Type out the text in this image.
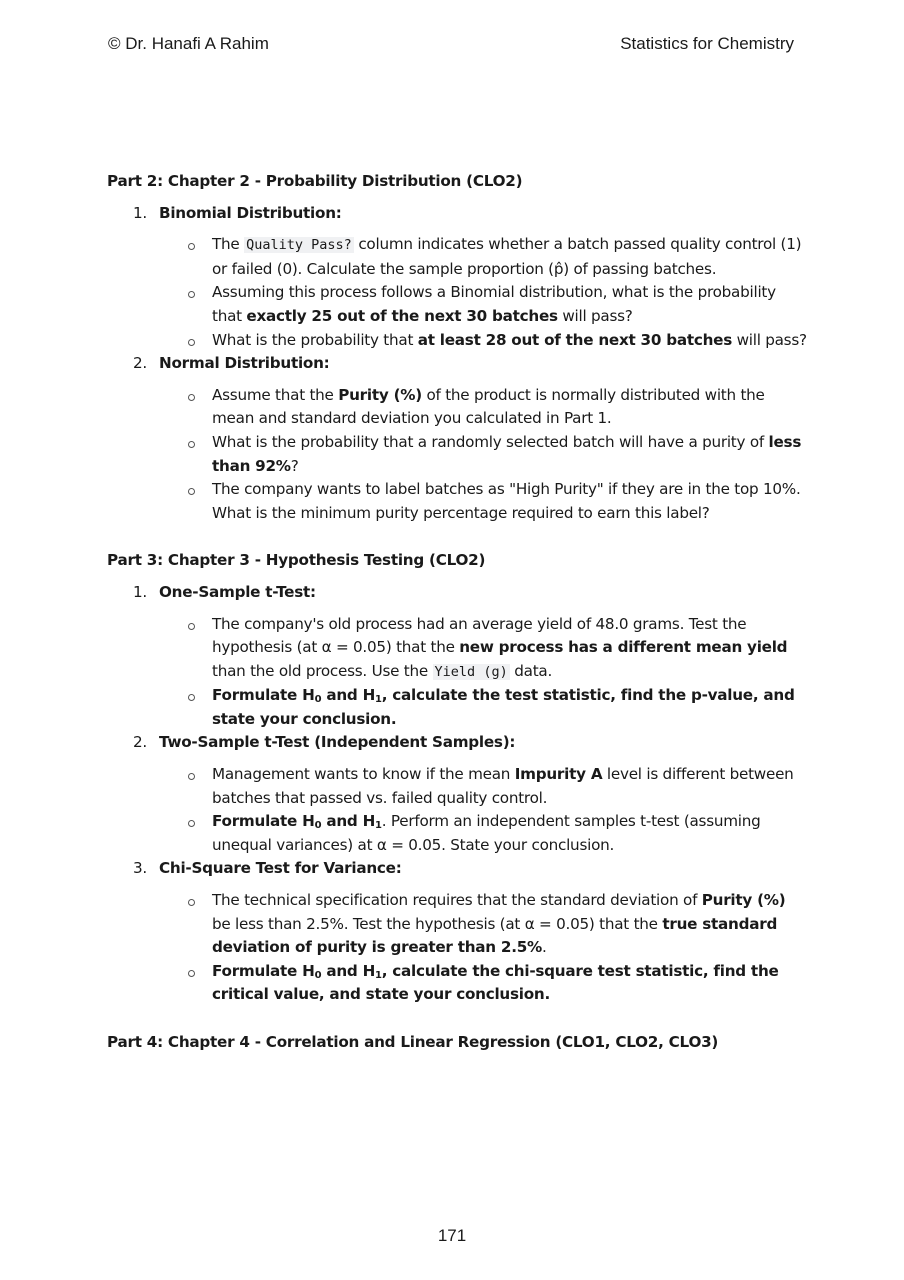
© Dr. Hanafi A Rahim	Statistics for Chemistry
Part 2: Chapter 2 - Probability Distribution (CLO2)
1. Binomial Distribution:
The Quality Pass? column indicates whether a batch passed quality control (1) or failed (0). Calculate the sample proportion (p̂) of passing batches.
Assuming this process follows a Binomial distribution, what is the probability that exactly 25 out of the next 30 batches will pass?
What is the probability that at least 28 out of the next 30 batches will pass?
2. Normal Distribution:
Assume that the Purity (%) of the product is normally distributed with the mean and standard deviation you calculated in Part 1.
What is the probability that a randomly selected batch will have a purity of less than 92%?
The company wants to label batches as "High Purity" if they are in the top 10%. What is the minimum purity percentage required to earn this label?
Part 3: Chapter 3 - Hypothesis Testing (CLO2)
1. One-Sample t-Test:
The company's old process had an average yield of 48.0 grams. Test the hypothesis (at α = 0.05) that the new process has a different mean yield than the old process. Use the Yield (g) data.
Formulate $H_0$ and $H_1$, calculate the test statistic, find the p-value, and state your conclusion.
2. Two-Sample t-Test (Independent Samples):
Management wants to know if the mean Impurity A level is different between batches that passed vs. failed quality control.
Formulate $H_0$ and $H_1$. Perform an independent samples t-test (assuming unequal variances) at α = 0.05. State your conclusion.
3. Chi-Square Test for Variance:
The technical specification requires that the standard deviation of Purity (%) be less than 2.5%. Test the hypothesis (at α = 0.05) that the true standard deviation of purity is greater than 2.5%.
Formulate $H_0$ and $H_1$, calculate the chi-square test statistic, find the critical value, and state your conclusion.
Part 4: Chapter 4 - Correlation and Linear Regression (CLO1, CLO2, CLO3)
171
